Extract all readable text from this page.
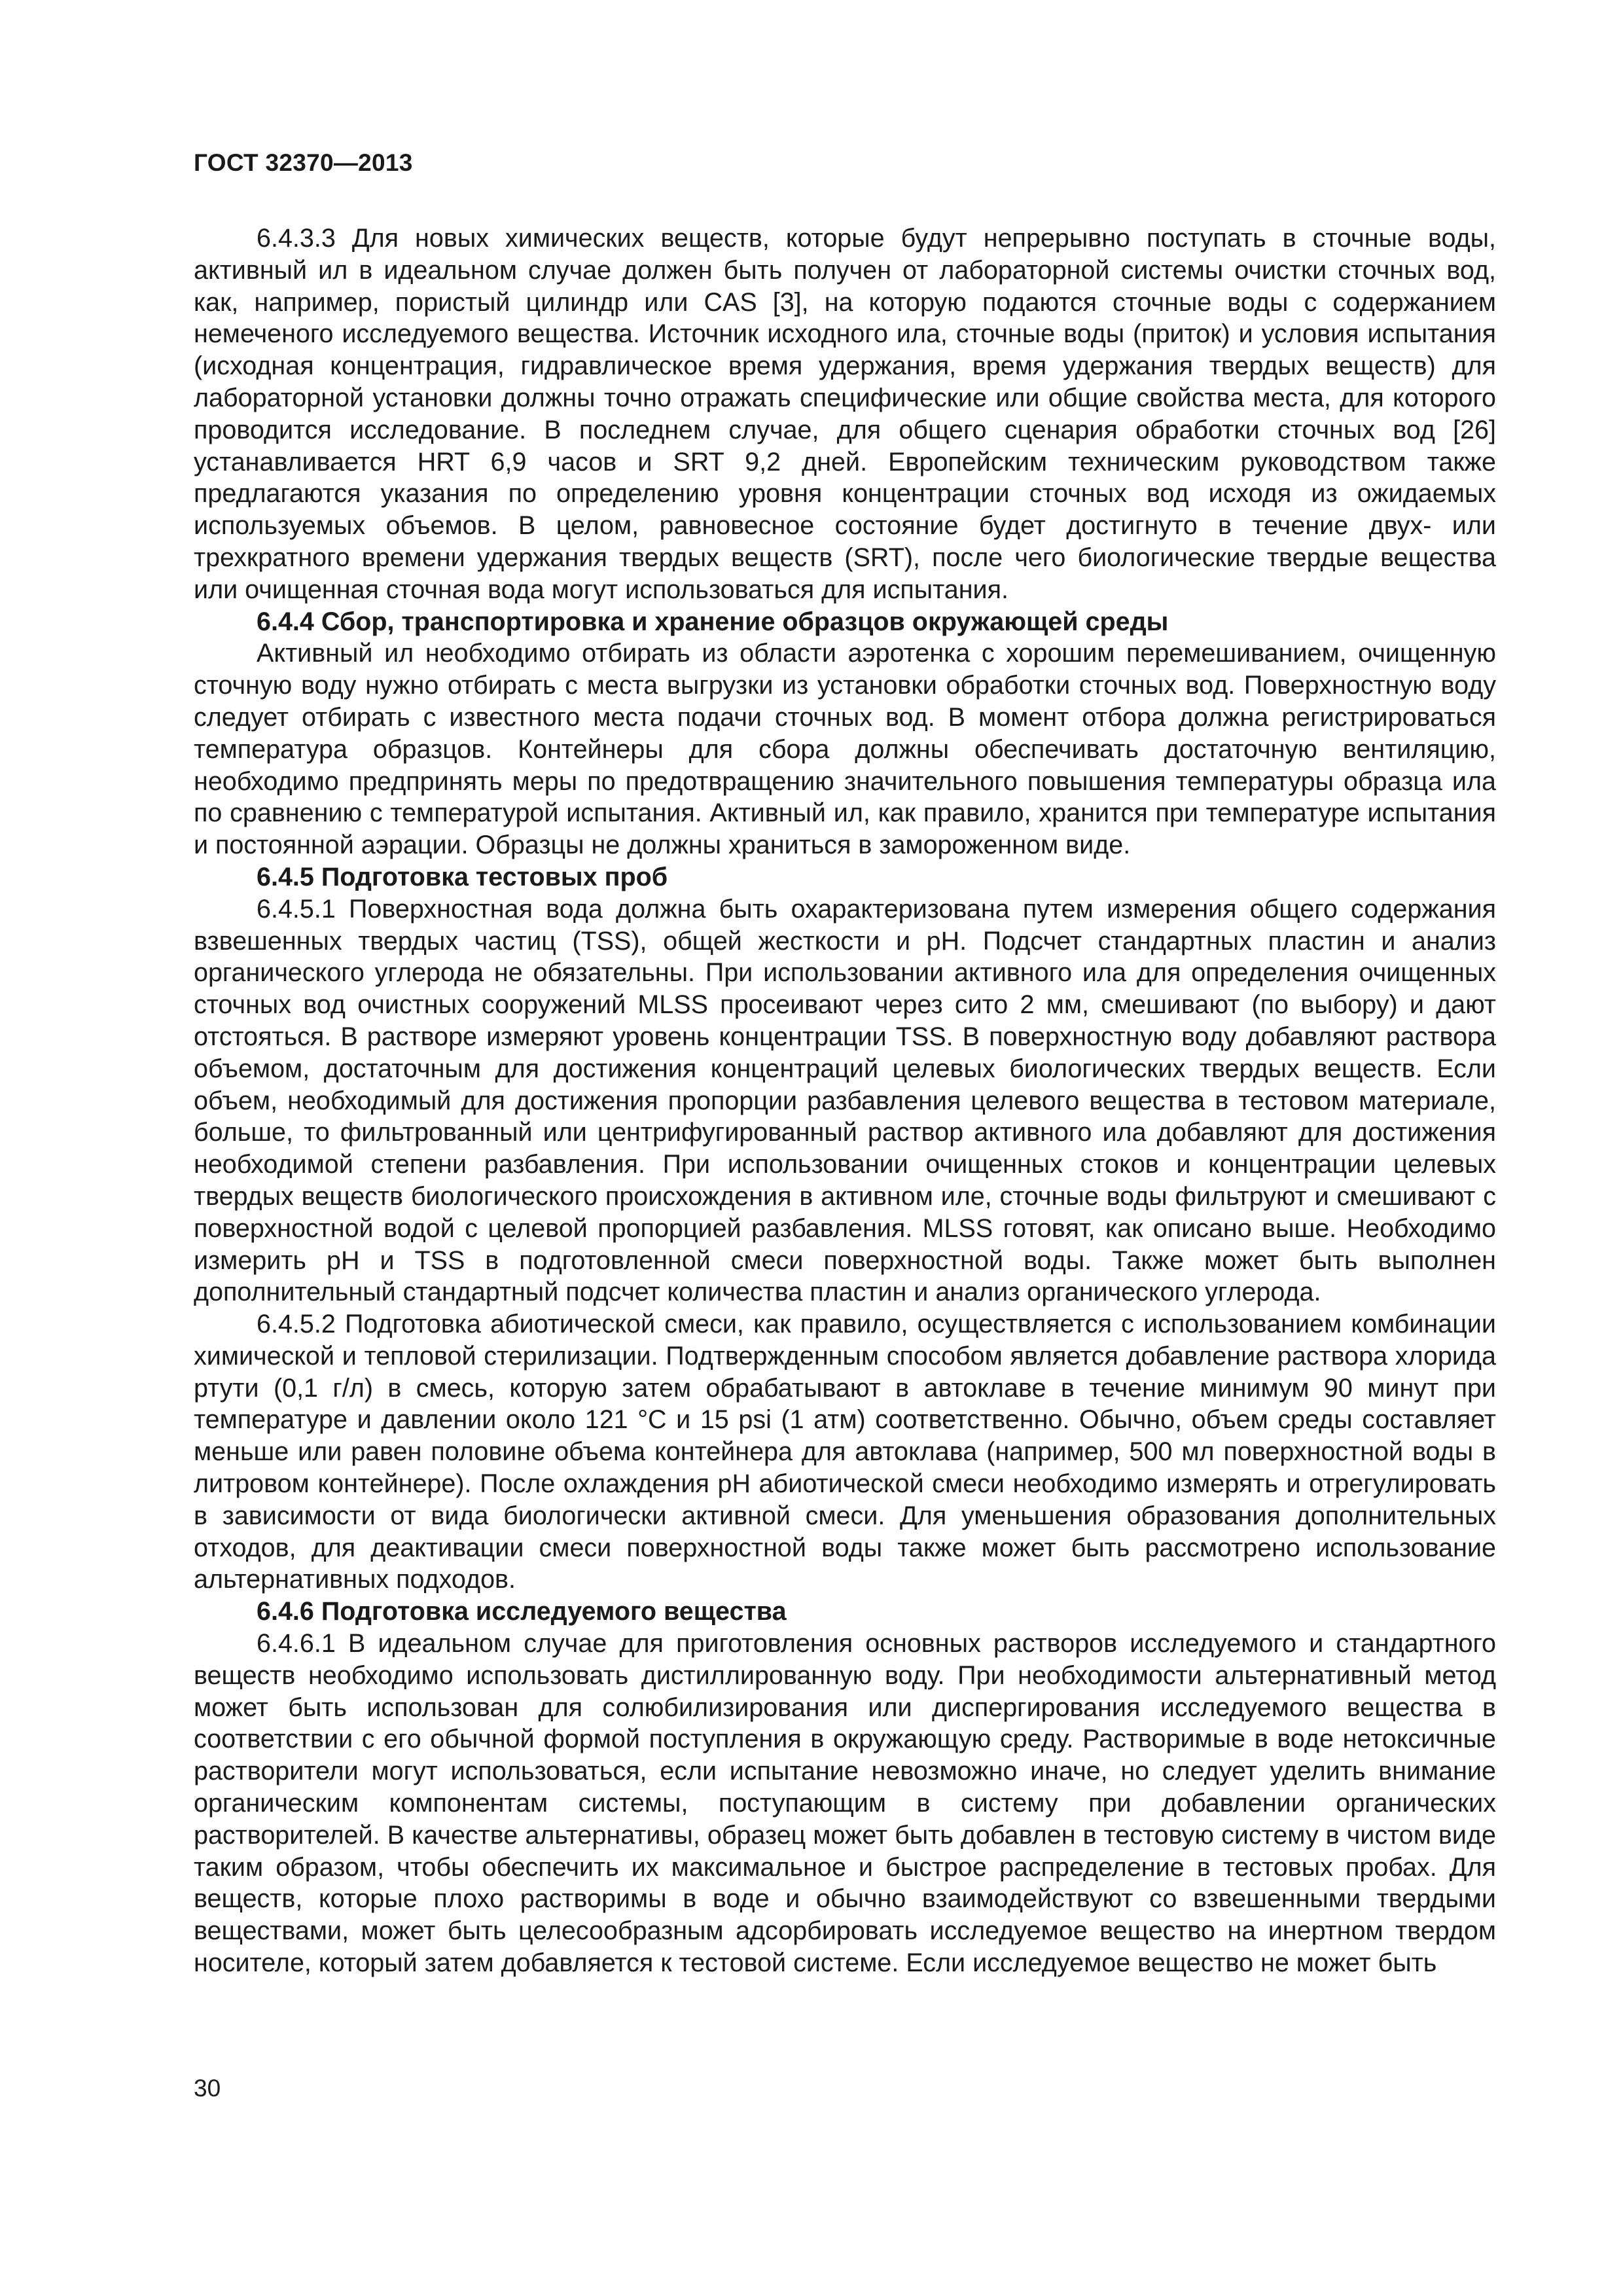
ГОСТ 32370—2013

6.4.3.3 Для новых химических веществ, которые будут непрерывно поступать в сточные воды, активный ил в идеальном случае должен быть получен от лабораторной системы очистки сточных вод, как, например, пористый цилиндр или CAS [3], на которую подаются сточные воды с содержанием немеченого исследуемого вещества. Источник исходного ила, сточные воды (приток) и условия испытания (исходная концентрация, гидравлическое время удержания, время удержания твердых веществ) для лабораторной установки должны точно отражать специфические или общие свойства места, для которого проводится исследование. В последнем случае, для общего сценария обработки сточных вод [26] устанавливается HRT 6,9 часов и SRT 9,2 дней. Европейским техническим руководством также предлагаются указания по определению уровня концентрации сточных вод исходя из ожидаемых используемых объемов. В целом, равновесное состояние будет достигнуто в течение двух- или трехкратного времени удержания твердых веществ (SRT), после чего биологические твердые вещества или очищенная сточная вода могут использоваться для испытания.

6.4.4 Сбор, транспортировка и хранение образцов окружающей среды

Активный ил необходимо отбирать из области аэротенка с хорошим перемешиванием, очищенную сточную воду нужно отбирать с места выгрузки из установки обработки сточных вод. Поверхностную воду следует отбирать с известного места подачи сточных вод. В момент отбора должна регистрироваться температура образцов. Контейнеры для сбора должны обеспечивать достаточную вентиляцию, необходимо предпринять меры по предотвращению значительного повышения температуры образца ила по сравнению с температурой испытания. Активный ил, как правило, хранится при температуре испытания и постоянной аэрации. Образцы не должны храниться в замороженном виде.

6.4.5 Подготовка тестовых проб

6.4.5.1 Поверхностная вода должна быть охарактеризована путем измерения общего содержания взвешенных твердых частиц (TSS), общей жесткости и pH. Подсчет стандартных пластин и анализ органического углерода не обязательны. При использовании активного ила для определения очищенных сточных вод очистных сооружений MLSS просеивают через сито 2 мм, смешивают (по выбору) и дают отстояться. В растворе измеряют уровень концентрации TSS. В поверхностную воду добавляют раствора объемом, достаточным для достижения концентраций целевых биологических твердых веществ. Если объем, необходимый для достижения пропорции разбавления целевого вещества в тестовом материале, больше, то фильтрованный или центрифугированный раствор активного ила добавляют для достижения необходимой степени разбавления. При использовании очищенных стоков и концентрации целевых твердых веществ биологического происхождения в активном иле, сточные воды фильтруют и смешивают с поверхностной водой с целевой пропорцией разбавления. MLSS готовят, как описано выше. Необходимо измерить pH и TSS в подготовленной смеси поверхностной воды. Также может быть выполнен дополнительный стандартный подсчет количества пластин и анализ органического углерода.

6.4.5.2 Подготовка абиотической смеси, как правило, осуществляется с использованием комбинации химической и тепловой стерилизации. Подтвержденным способом является добавление раствора хлорида ртути (0,1 г/л) в смесь, которую затем обрабатывают в автоклаве в течение минимум 90 минут при температуре и давлении около 121 °C и 15 psi (1 атм) соответственно. Обычно, объем среды составляет меньше или равен половине объема контейнера для автоклава (например, 500 мл поверхностной воды в литровом контейнере). После охлаждения pH абиотической смеси необходимо измерять и отрегулировать в зависимости от вида биологически активной смеси. Для уменьшения образования дополнительных отходов, для деактивации смеси поверхностной воды также может быть рассмотрено использование альтернативных подходов.

6.4.6 Подготовка исследуемого вещества

6.4.6.1 В идеальном случае для приготовления основных растворов исследуемого и стандартного веществ необходимо использовать дистиллированную воду. При необходимости альтернативный метод может быть использован для солюбилизирования или диспергирования исследуемого вещества в соответствии с его обычной формой поступления в окружающую среду. Растворимые в воде нетоксичные растворители могут использоваться, если испытание невозможно иначе, но следует уделить внимание органическим компонентам системы, поступающим в систему при добавлении органических растворителей. В качестве альтернативы, образец может быть добавлен в тестовую систему в чистом виде таким образом, чтобы обеспечить их максимальное и быстрое распределение в тестовых пробах. Для веществ, которые плохо растворимы в воде и обычно взаимодействуют со взвешенными твердыми веществами, может быть целесообразным адсорбировать исследуемое вещество на инертном твердом носителе, который затем добавляется к тестовой системе. Если исследуемое вещество не может быть

30
